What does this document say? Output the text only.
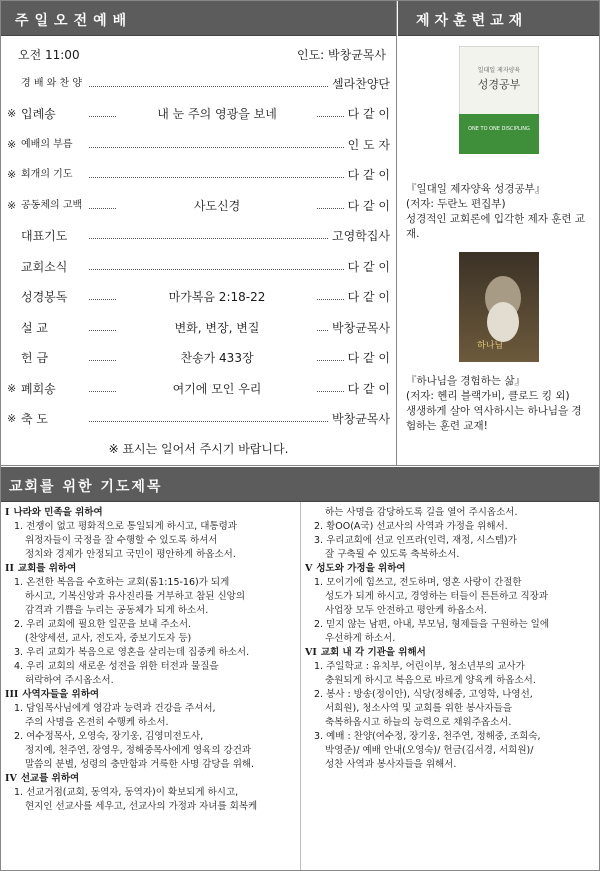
주일오전예배
오전 11:00	인도: 박창균목사
경 배 와 찬 양	셀라찬양단
※ 입례송	내 눈 주의 영광을 보네	다 같 이
※ 예배의 부름	인 도 자
※ 회개의 기도	다 같 이
※ 공동체의 고백	사도신경	다 같 이
대표기도	고영학집사
교회소식	다 같 이
성경봉독	마가복음 2:18-22	다 같 이
설 교	변화, 변장, 변질	박창균목사
헌 금	찬송가 433장	다 같 이
※ 폐회송	여기에 모인 우리	다 같 이
※ 축 도	박창균목사
※ 표시는 일어서 주시기 바랍니다.
제자훈련교재
일대일 제자양육
성경공부
ONE TO ONE DISCIPLING
『일대일 제자양육 성경공부』
(저자: 두란노 편집부)
성경적인 교회론에 입각한 제자 훈련 교재.
하나님
『하나님을 경험하는 삶』
(저자: 헨리 블랙가비, 클로드 킹 외)
생생하게 살아 역사하시는 하나님을 경험하는 훈련 교재!
교회를 위한 기도제목
I 나라와 민족을 위하여
1. 전쟁이 없고 평화적으로 통일되게 하시고, 대통령과
위정자들이 국정을 잘 수행할 수 있도록 하셔서
정치와 경제가 안정되고 국민이 평안하게 하옵소서.
II 교회를 위하여
1. 온전한 복음을 수호하는 교회(롬1:15-16)가 되게
하시고, 기복신앙과 유사진리를 거부하고 참된 신앙의
감격과 기쁨을 누리는 공동체가 되게 하소서.
2. 우리 교회에 필요한 일꾼을 보내 주소서.
(찬양세션, 교사, 전도자, 중보기도자 등)
3. 우리 교회가 복음으로 영혼을 살리는데 집중케 하소서.
4. 우리 교회의 새로운 성전을 위한 터전과 물질을
허락하여 주시옵소서.
III 사역자들을 위하여
1. 담임목사님에게 영감과 능력과 건강을 주셔서,
주의 사명을 온전히 수행케 하소서.
2. 여수정목사, 오영숙, 장기웅, 김영미전도사,
정지예, 천주연, 장영우, 정해중목사에게 영육의 강건과
말씀의 분별, 성령의 충만함과 거룩한 사명 감당을 위해.
IV 선교를 위하여
1. 선교거점(교회, 동역자, 동역자)이 확보되게 하시고,
현지인 선교사를 세우고, 선교사의 가정과 자녀를 회복케
하는 사명을 감당하도록 길을 열어 주시옵소서.
2. 황OO(A국) 선교사의 사역과 가정을 위해서.
3. 우리교회에 선교 인프라(인력, 재정, 시스템)가
잘 구축될 수 있도록 축복하소서.
V 성도와 가정을 위하여
1. 모이기에 힘쓰고, 전도하며, 영혼 사랑이 간절한
성도가 되게 하시고, 경영하는 터들이 튼튼하고 직장과
사업장 모두 안전하고 평안케 하옵소서.
2. 믿지 않는 남편, 아내, 부모님, 형제들을 구원하는 일에
우선하게 하소서.
VI 교회 내 각 기관을 위해서
1. 주일학교 : 유치부, 어린이부, 청소년부의 교사가
충원되게 하시고 복음으로 바르게 양육케 하옵소서.
2. 봉사 : 방송(정이안), 식당(정해중, 고영학, 나영선,
서희원), 청소사역 및 교회를 위한 봉사자들을
축복하옵시고 하늘의 능력으로 채워주옵소서.
3. 예배 : 찬양(여수정, 장기웅, 천주연, 정해중, 조희숙,
박영준)/ 예배 안내(오영숙)/ 헌금(김서경, 서희원)/
성찬 사역과 봉사자들을 위해서.
